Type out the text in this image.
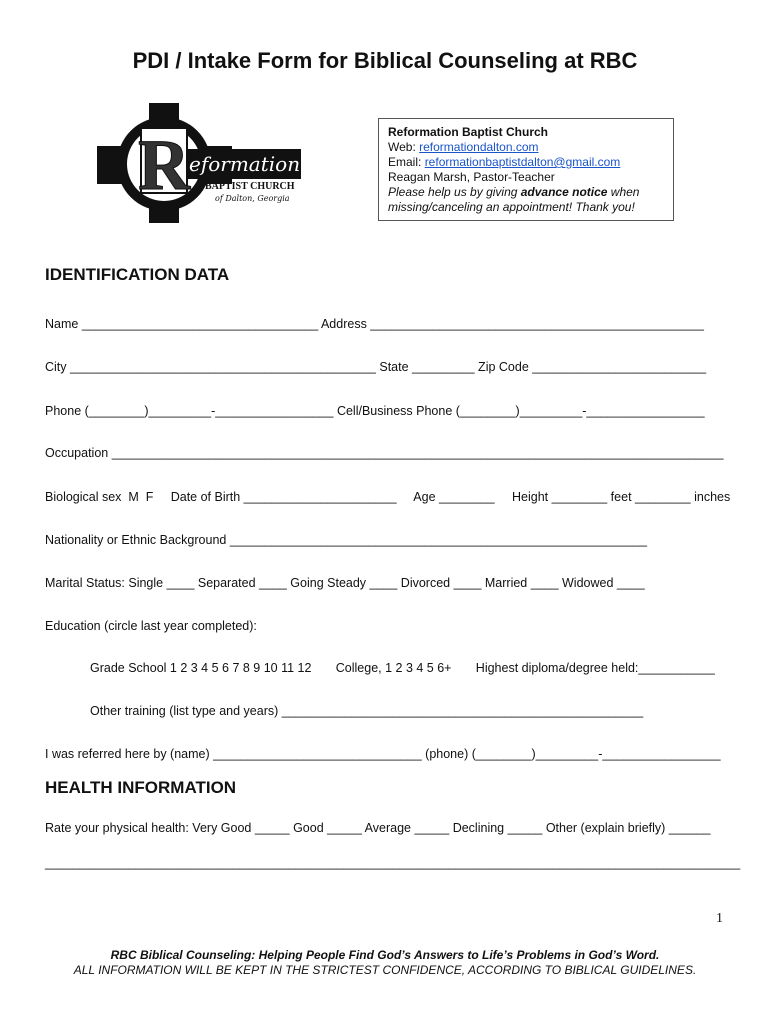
PDI / Intake Form for Biblical Counseling at RBC
R eformation
BAPTIST CHURCH
of Dalton, Georgia
Reformation Baptist Church
Web: reformationdalton.com
Email: reformationbaptistdalton@gmail.com
Reagan Marsh, Pastor-Teacher
Please help us by giving advance notice when
missing/canceling an appointment! Thank you!
IDENTIFICATION DATA
Name __________________________________ Address ________________________________________________
City ____________________________________________ State _________ Zip Code _________________________
Phone (________)_________-_________________ Cell/Business Phone (________)_________-_________________
Occupation ________________________________________________________________________________________
Biological sex  M  F     Date of Birth ______________________     Age ________     Height ________ feet ________ inches
Nationality or Ethnic Background ____________________________________________________________
Marital Status: Single ____ Separated ____ Going Steady ____ Divorced ____ Married ____ Widowed ____
Education (circle last year completed):
Grade School 1 2 3 4 5 6 7 8 9 10 11 12       College, 1 2 3 4 5 6+       Highest diploma/degree held:___________
Other training (list type and years) ____________________________________________________
I was referred here by (name) ______________________________ (phone) (________)_________-_________________
HEALTH INFORMATION
Rate your physical health: Very Good _____ Good _____ Average _____ Declining _____ Other (explain briefly) ______
____________________________________________________________________________________________________
1
RBC Biblical Counseling: Helping People Find God’s Answers to Life’s Problems in God’s Word.
ALL INFORMATION WILL BE KEPT IN THE STRICTEST CONFIDENCE, ACCORDING TO BIBLICAL GUIDELINES.
